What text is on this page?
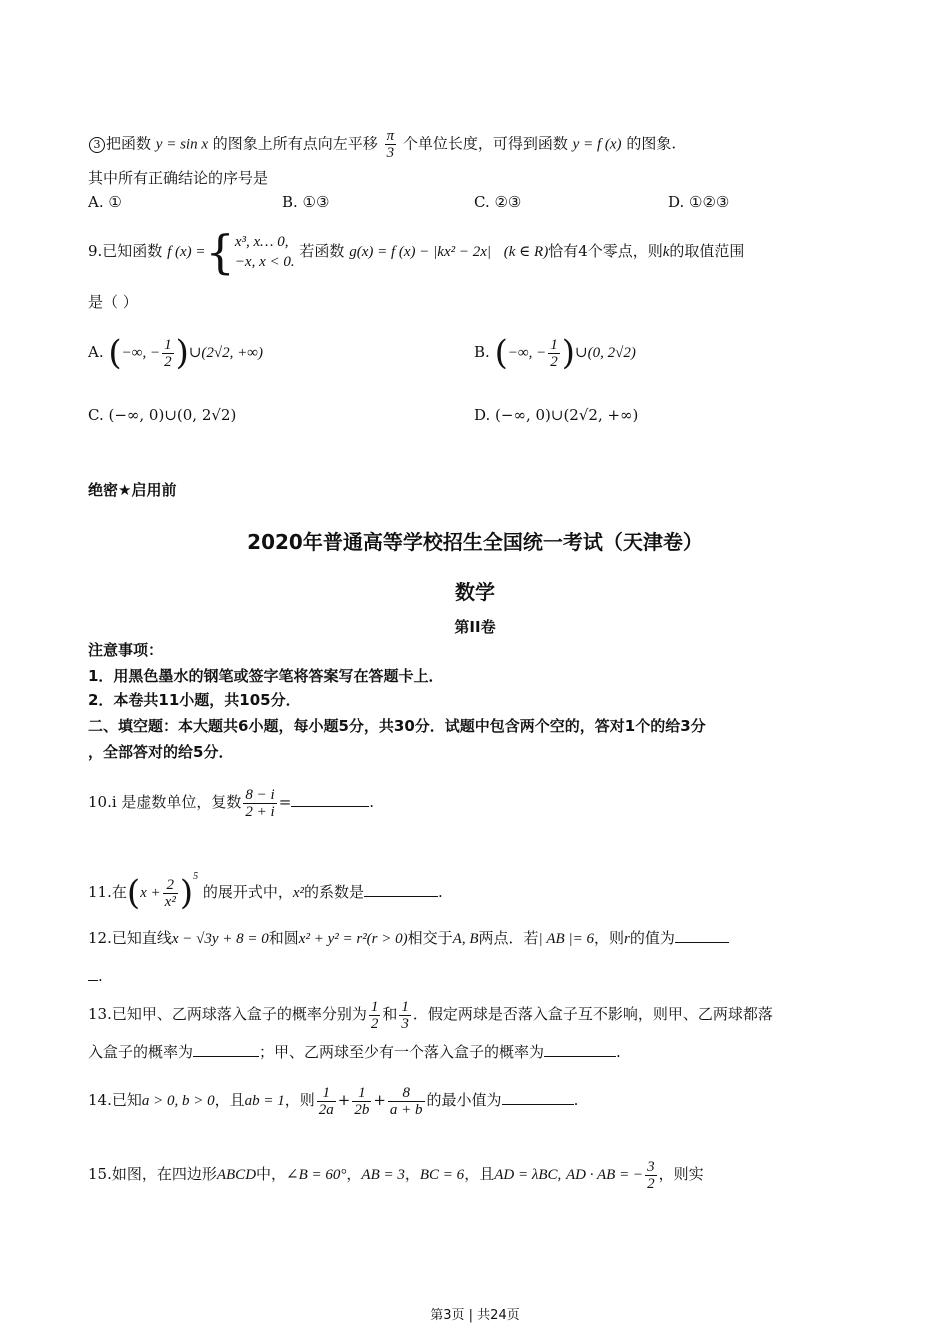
3 把函数 y = sin x 的图象上所有点向左平移 $\frac{\pi}{3}$ 个单位长度，可得到函数 y = f (x) 的图象.
其中所有正确结论的序号是
A. ①	B. ①③	C. ②③	D. ①②③
9.已知函数 f (x) ={ x³, x… 0,
−x, x < 0.
若函数 g(x) = f (x) − |kx² − 2x| (k ∈ R)恰有4个零点，则k的取值范围
是（ ）
A. (−∞, − $\frac{1}{2}$ )∪(2√2, +∞)	B. (−∞, − $\frac{1}{2}$ )∪(0, 2√2)
C. (−∞, 0)∪(0, 2√2)	D. (−∞, 0)∪(2√2, +∞)
绝密★启用前
2020年普通高等学校招生全国统一考试（天津卷）
数学
第II卷
注意事项：
1．用黑色墨水的钢笔或签字笔将答案写在答题卡上．
2．本卷共11小题，共105分．
二、填空题：本大题共6小题，每小题5分，共30分．试题中包含两个空的，答对1个的给3分
，全部答对的给5分．
10.i 是虚数单位，复数 $\frac{8 - i}{2 + i}$ =	.
11.在$(x + \frac{2}{\text{x²}} )^5$ 的展开式中，x²的系数是	.
12.已知直线x − √3y + 8 = 0和圆x² + y² = r²(r > 0)相交于A, B两点．若| AB |= 6，则r的值为
.
13.已知甲、乙两球落入盒子的概率分别为 $\frac{1}{2}$ 和 $\frac{1}{3}$ ．假定两球是否落入盒子互不影响，则甲、乙两球都落
入盒子的概率为	；甲、乙两球至少有一个落入盒子的概率为	.
14.已知a > 0, b > 0，且ab = 1，则 $\frac{1}{2a} + \frac{1}{2b} + \frac{8}{a + b}$ 的最小值为	.
15.如图，在四边形ABCD中，∠B = 60°，AB = 3，BC = 6，且AD = λBC, AD · AB = − $\frac{3}{2}$ ，则实
第3页 | 共24页
